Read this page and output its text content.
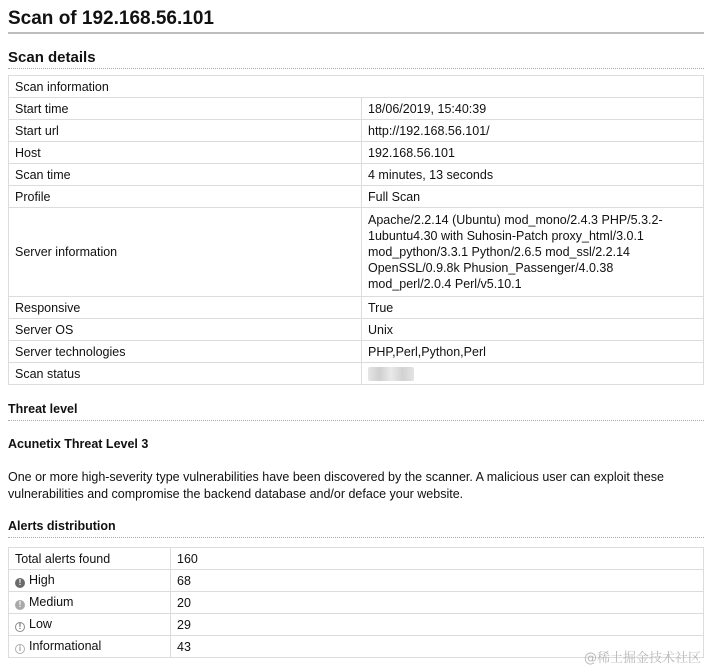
Scan of 192.168.56.101
Scan details
Scan information	
Start time	18/06/2019, 15:40:39
Start url	http://192.168.56.101/
Host	192.168.56.101
Scan time	4 minutes, 13 seconds
Profile	Full Scan
Server information	Apache/2.2.14 (Ubuntu) mod_mono/2.4.3 PHP/5.3.2-
1ubuntu4.30 with Suhosin-Patch proxy_html/3.0.1
mod_python/3.3.1 Python/2.6.5 mod_ssl/2.2.14
OpenSSL/0.9.8k Phusion_Passenger/4.0.38
mod_perl/2.0.4 Perl/v5.10.1

Responsive	True
Server OS	Unix
Server technologies	PHP,Perl,Python,Perl
Scan status	
Threat level

Acunetix Threat Level 3

One or more high-severity type vulnerabilities have been discovered by the scanner. A malicious user can exploit these vulnerabilities and compromise the backend database and/or deface your website.

Alerts distribution
Total alerts found	160
! High	68
! Medium	20
! Low	29
i Informational	43
@稀土掘金技术社区
